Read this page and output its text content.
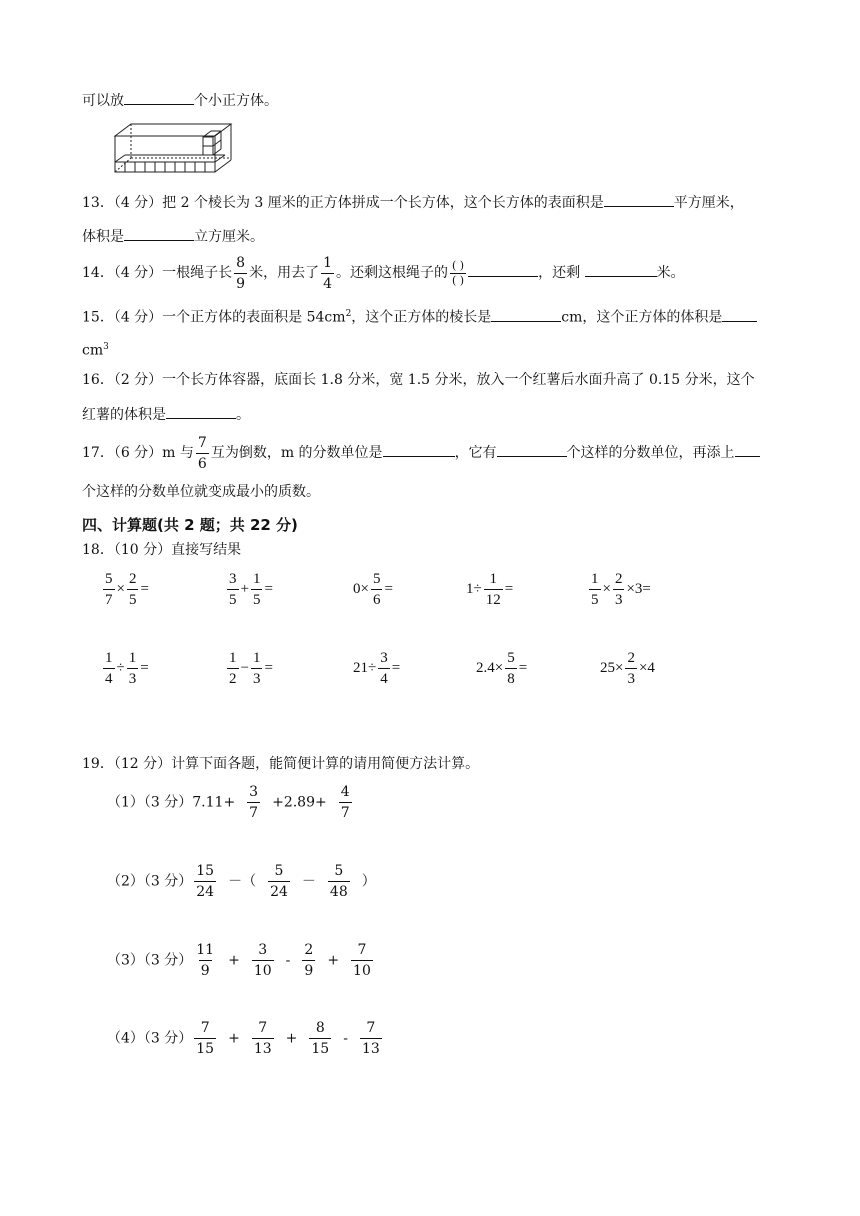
可以放	个小正方体。
13．（4 分）把 2 个棱长为 3 厘米的正方体拼成一个长方体，这个长方体的表面积是	平方厘米，
体积是	立方厘米。
14．（4 分）一根绳子长 $\frac{8}{9}$ 米，用去了 $\frac{1}{4}$ 。还剩这根绳子的 $\frac{( )}{( )}$	，还剩	米。
15．（4 分）一个正方体的表面积是 $54cm^2$，这个正方体的棱长是	cm，这个正方体的体积是
$cm^3$
16．（2 分）一个长方体容器，底面长 1.8 分米，宽 1.5 分米，放入一个红薯后水面升高了 0.15 分米，这个
红薯的体积是	。
17．（6 分）m 与 $\frac{7}{6}$ 互为倒数，m 的分数单位是	，它有	个这样的分数单位，再添上
个这样的分数单位就变成最小的质数。
四、计算题(共 2 题；共 22 分)
18．（10 分）直接写结果
$\frac{5}{7} \times \frac{2}{5}$ =	$\frac{3}{5} + \frac{1}{5}$ =	$0\times \frac{5}{6}$ =	$1\div \frac{1}{12}$ =	$\frac{1}{5} \times \frac{2}{3} \times 3=$
$\frac{1}{4} \div \frac{1}{3}$ =	$\frac{1}{2} - \frac{1}{3}$ =	$21\div \frac{3}{4}$ =	$2.4\times \frac{5}{8}$ =	$25\times \frac{2}{3} \times 4$
19．（12 分）计算下面各题，能简便计算的请用简便方法计算。
（1）（3 分）$7.11+ \frac{3}{7} +2.89+ \frac{4}{7}$
（2）（3 分） $\frac{15}{24}$ －（ $\frac{5}{24} - \frac{5}{48}$ ）
（3）（3 分） $\frac{11}{9} + \frac{3}{10} - \frac{2}{9} + \frac{7}{10}$
（4）（3 分） $\frac{7}{15} + \frac{7}{13} + \frac{8}{15} - \frac{7}{13}$
